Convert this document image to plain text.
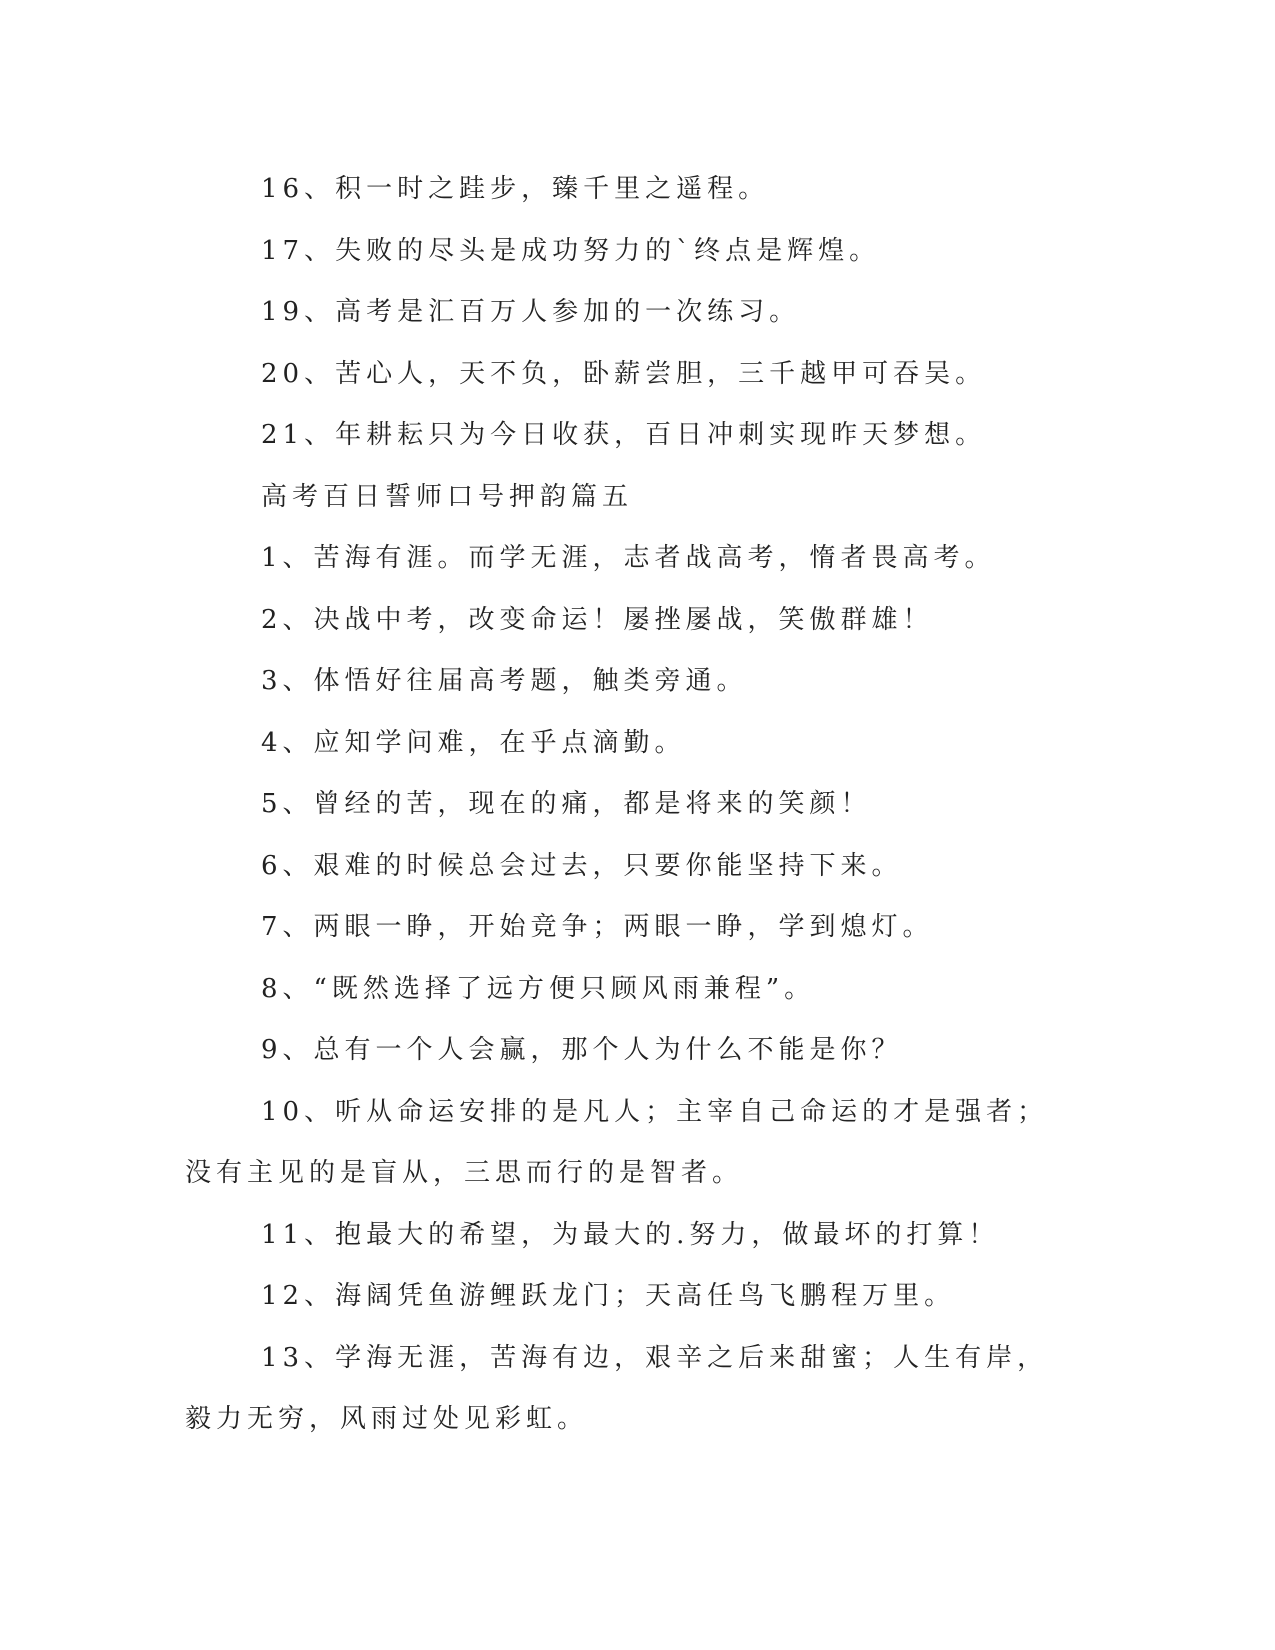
16、积一时之跬步，臻千里之遥程。

17、失败的尽头是成功努力的`终点是辉煌。

19、高考是汇百万人参加的一次练习。

20、苦心人，天不负，卧薪尝胆，三千越甲可吞吴。

21、年耕耘只为今日收获，百日冲刺实现昨天梦想。

高考百日誓师口号押韵篇五

1、苦海有涯。而学无涯，志者战高考，惰者畏高考。

2、决战中考，改变命运！屡挫屡战，笑傲群雄！

3、体悟好往届高考题，触类旁通。

4、应知学问难，在乎点滴勤。

5、曾经的苦，现在的痛，都是将来的笑颜！

6、艰难的时候总会过去，只要你能坚持下来。

7、两眼一睁，开始竞争；两眼一睁，学到熄灯。

8、“既然选择了远方便只顾风雨兼程”。

9、总有一个人会赢，那个人为什么不能是你？

10、听从命运安排的是凡人；主宰自己命运的才是强者；没有主见的是盲从，三思而行的是智者。

11、抱最大的希望，为最大的.努力，做最坏的打算！

12、海阔凭鱼游鲤跃龙门；天高任鸟飞鹏程万里。

13、学海无涯，苦海有边，艰辛之后来甜蜜；人生有岸，毅力无穷，风雨过处见彩虹。
